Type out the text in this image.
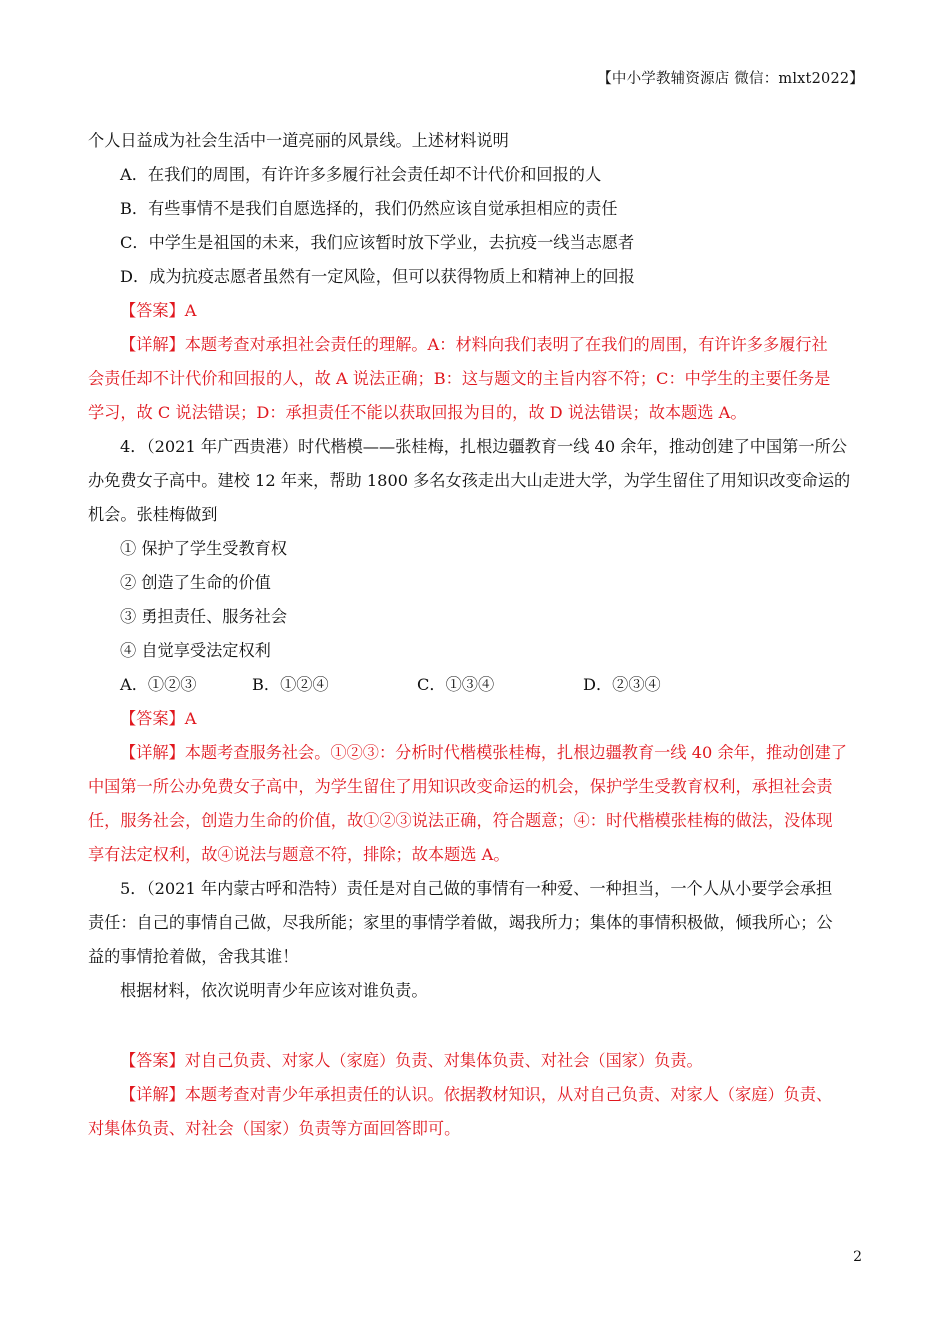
【中小学教辅资源店 微信：mlxt2022】

个人日益成为社会生活中一道亮丽的风景线。上述材料说明

A．在我们的周围，有许许多多履行社会责任却不计代价和回报的人

B．有些事情不是我们自愿选择的，我们仍然应该自觉承担相应的责任

C．中学生是祖国的未来，我们应该暂时放下学业，去抗疫一线当志愿者

D．成为抗疫志愿者虽然有一定风险，但可以获得物质上和精神上的回报

【答案】A

【详解】本题考查对承担社会责任的理解。A：材料向我们表明了在我们的周围，有许许多多履行社

会责任却不计代价和回报的人，故 A 说法正确；B：这与题文的主旨内容不符；C：中学生的主要任务是

学习，故 C 说法错误；D：承担责任不能以获取回报为目的，故 D 说法错误；故本题选 A。

4．（2021 年广西贵港）时代楷模——张桂梅，扎根边疆教育一线 40 余年，推动创建了中国第一所公

办免费女子高中。建校 12 年来，帮助 1800 多名女孩走出大山走进大学，为学生留住了用知识改变命运的

机会。张桂梅做到

① 保护了学生受教育权

② 创造了生命的价值

③ 勇担责任、服务社会

④ 自觉享受法定权利

A．①②③	B．①②④	C．①③④	D．②③④

【答案】A

【详解】本题考查服务社会。①②③：分析时代楷模张桂梅，扎根边疆教育一线 40 余年，推动创建了

中国第一所公办免费女子高中，为学生留住了用知识改变命运的机会，保护学生受教育权利，承担社会责

任，服务社会，创造力生命的价值，故①②③说法正确，符合题意；④：时代楷模张桂梅的做法，没体现

享有法定权利，故④说法与题意不符，排除；故本题选 A。

5．（2021 年内蒙古呼和浩特）责任是对自己做的事情有一种爱、一种担当，一个人从小要学会承担

责任：自己的事情自己做，尽我所能；家里的事情学着做，竭我所力；集体的事情积极做，倾我所心；公

益的事情抢着做，舍我其谁！

根据材料，依次说明青少年应该对谁负责。

【答案】对自己负责、对家人（家庭）负责、对集体负责、对社会（国家）负责。

【详解】本题考查对青少年承担责任的认识。依据教材知识，从对自己负责、对家人（家庭）负责、

对集体负责、对社会（国家）负责等方面回答即可。

2
